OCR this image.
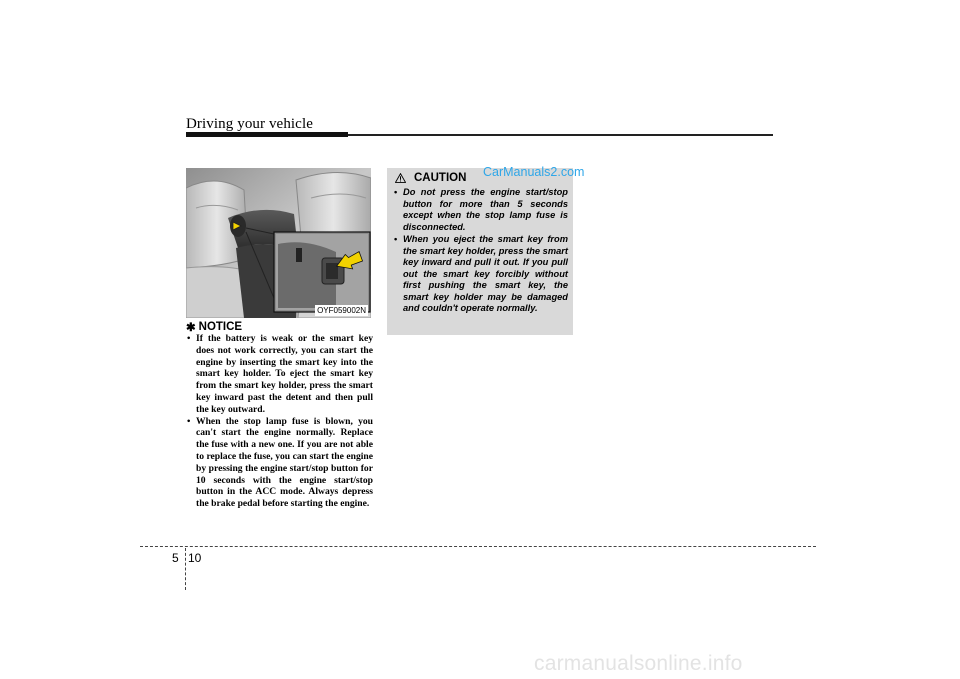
Driving your vehicle
OYF059002N
✱ NOTICE
• If the battery is weak or the smart key does not work correctly, you can start the engine by inserting the smart key into the smart key holder. To eject the smart key from the smart key holder, press the smart key inward past the detent and then pull the key outward.
• When the stop lamp fuse is blown, you can't start the engine normally. Replace the fuse with a new one. If you are not able to replace the fuse, you can start the engine by pressing the engine start/stop button for 10 seconds with the engine start/stop button in the ACC mode. Always depress the brake pedal before starting the engine.
CAUTION
• Do not press the engine start/stop button for more than 5 seconds except when the stop lamp fuse is disconnected.
• When you eject the smart key from the smart key holder, press the smart key inward and pull it out. If you pull out the smart key forcibly without first pushing the smart key, the smart key holder may be damaged and couldn't operate normally.
CarManuals2.com
5 10
carmanualsonline.info
